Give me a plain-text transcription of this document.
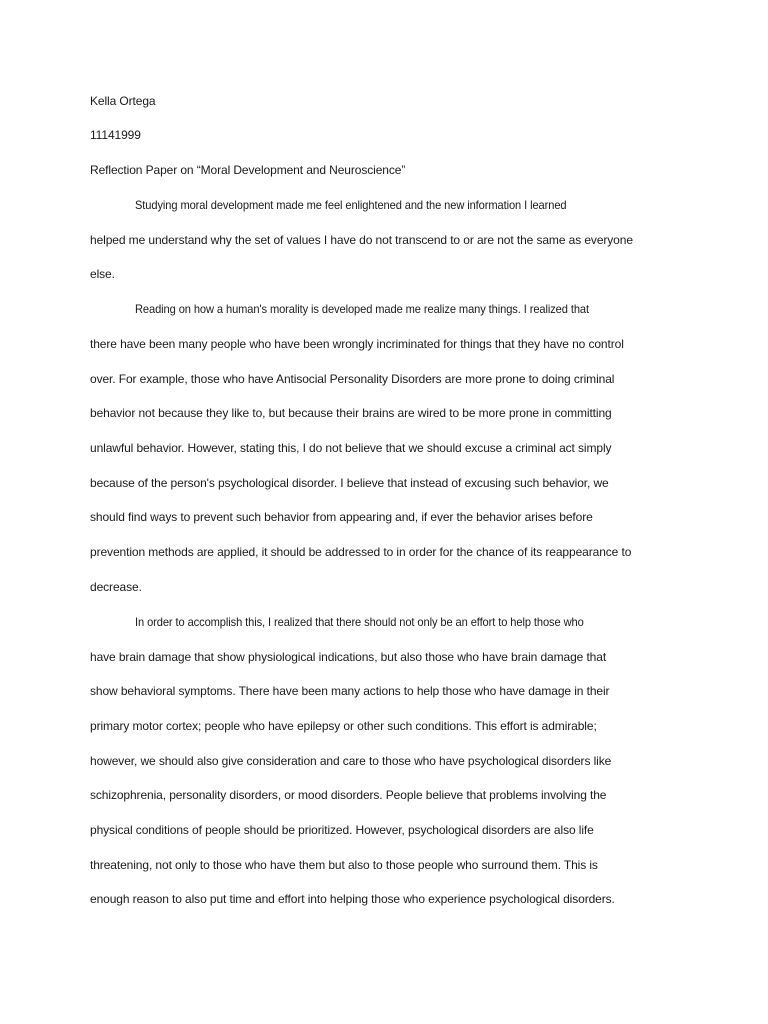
Kella Ortega
11141999
Reflection Paper on “Moral Development and Neuroscience”
Studying moral development made me feel enlightened and the new information I learned
helped me understand why the set of values I have do not transcend to or are not the same as everyone
else.
Reading on how a human's morality is developed made me realize many things. I realized that
there have been many people who have been wrongly incriminated for things that they have no control
over. For example, those who have Antisocial Personality Disorders are more prone to doing criminal
behavior not because they like to, but because their brains are wired to be more prone in committing
unlawful behavior. However, stating this, I do not believe that we should excuse a criminal act simply
because of the person's psychological disorder. I believe that instead of excusing such behavior, we
should find ways to prevent such behavior from appearing and, if ever the behavior arises before
prevention methods are applied, it should be addressed to in order for the chance of its reappearance to
decrease.
In order to accomplish this, I realized that there should not only be an effort to help those who
have brain damage that show physiological indications, but also those who have brain damage that
show behavioral symptoms. There have been many actions to help those who have damage in their
primary motor cortex; people who have epilepsy or other such conditions. This effort is admirable;
however, we should also give consideration and care to those who have psychological disorders like
schizophrenia, personality disorders, or mood disorders. People believe that problems involving the
physical conditions of people should be prioritized. However, psychological disorders are also life
threatening, not only to those who have them but also to those people who surround them. This is
enough reason to also put time and effort into helping those who experience psychological disorders.
